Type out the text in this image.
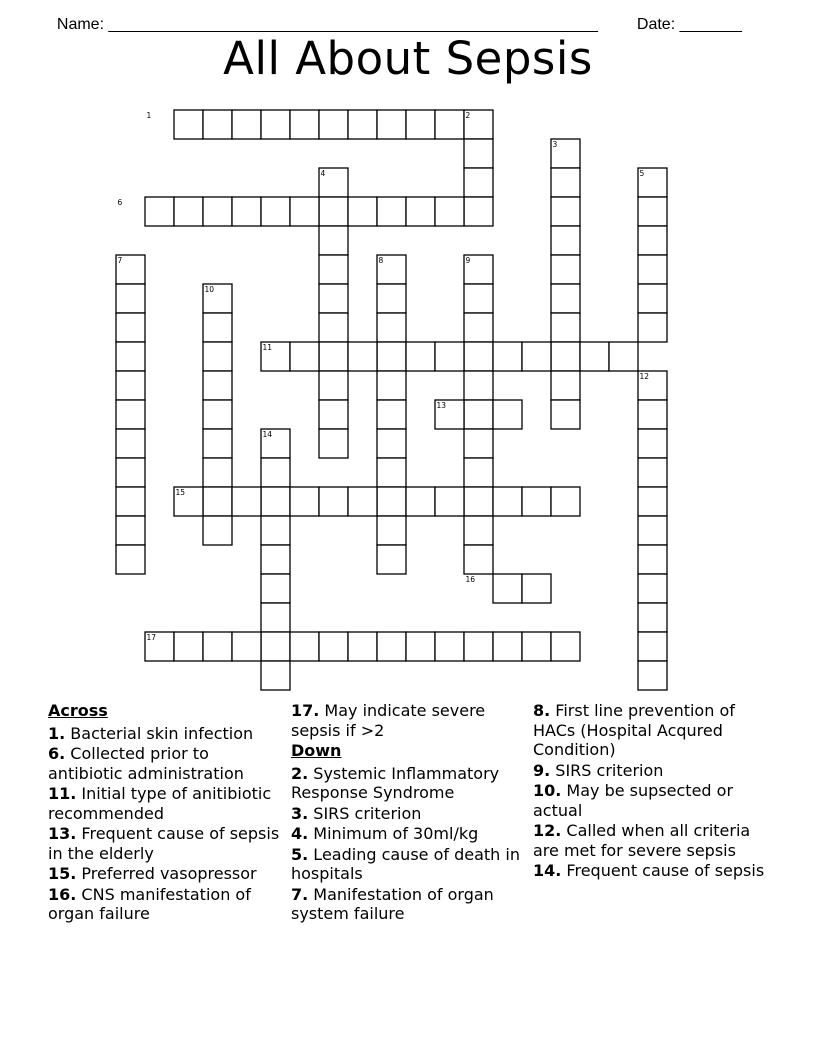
Name: _______________________________________________________	Date: _______

All About Sepsis
1	2
3
4	5
6
7	8	9
10
11
12
13
14
15
16
17
Across
1. Bacterial skin infection
6. Collected prior to antibiotic administration
11. Initial type of anitibiotic recommended
13. Frequent cause of sepsis in the elderly
15. Preferred vasopressor
16. CNS manifestation of organ failure
17. May indicate severe sepsis if >2
Down
2. Systemic Inflammatory Response Syndrome
3. SIRS criterion
4. Minimum of 30ml/kg
5. Leading cause of death in hospitals
7. Manifestation of organ system failure
8. First line prevention of HACs (Hospital Acqured Condition)
9. SIRS criterion
10. May be supsected or actual
12. Called when all criteria are met for severe sepsis
14. Frequent cause of sepsis
